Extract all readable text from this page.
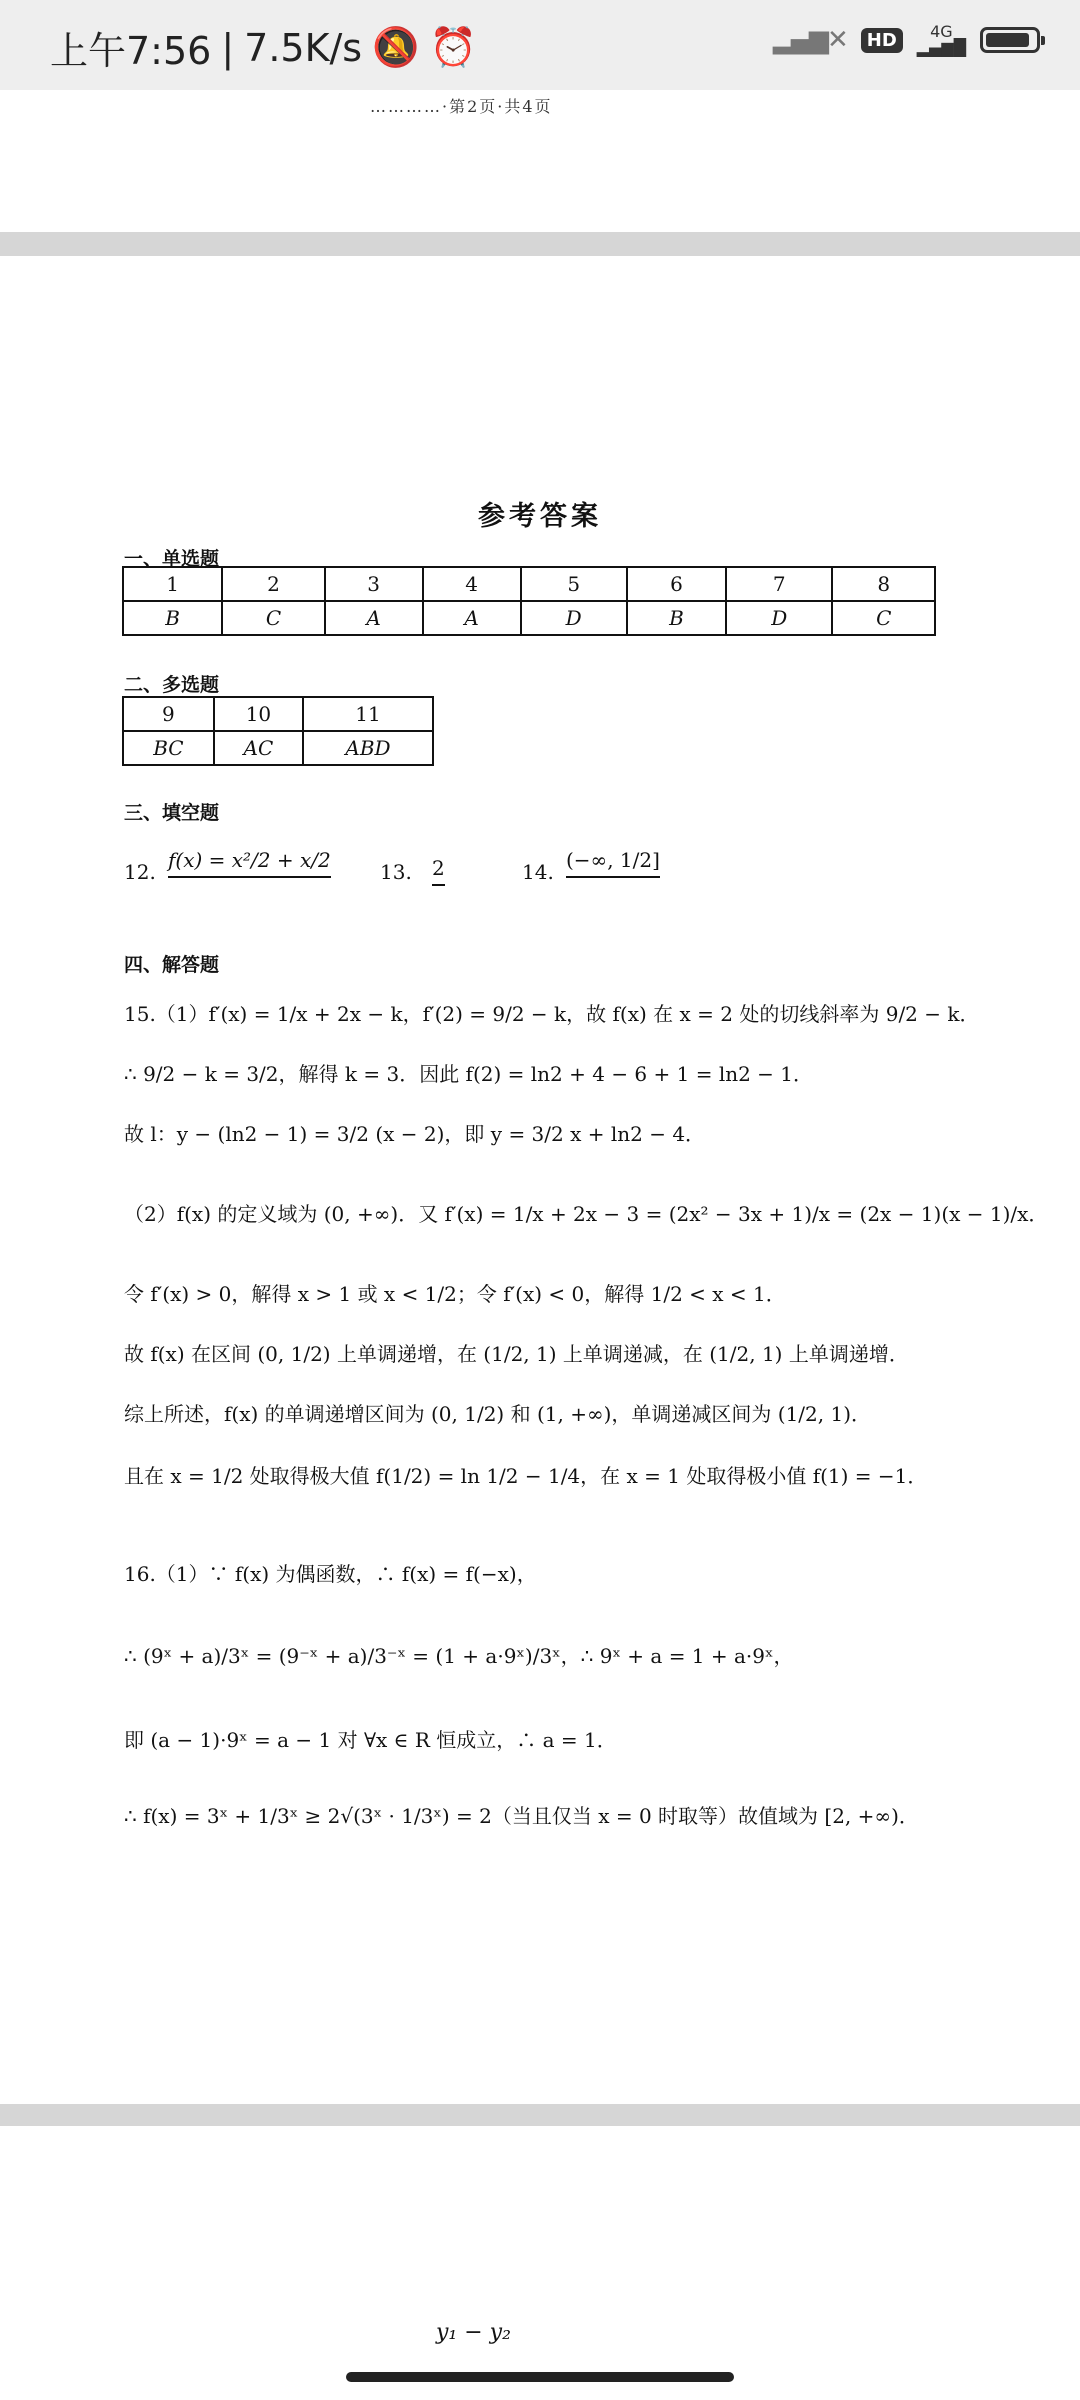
上午7:56 | 7.5K/s 🔕 ⏰	▂▄▆✕	HD	4G
▂▄▆█
…………·第2页·共4页
参考答案
一、单选题
1	2	3	4	5	6	7	8
B	C	A	A	D	B	D	C
二、多选题
9	10	11
BC	AC	ABD
三、填空题
12. f(x) = x²/2 + x/2 13. 2	14. (−∞, 1/2]
四、解答题
15.（1）f′(x) = 1/x + 2x − k，f′(2) = 9/2 − k，故 f(x) 在 x = 2 处的切线斜率为 9/2 − k．
∴ 9/2 − k = 3/2，解得 k = 3．因此 f(2) = ln2 + 4 − 6 + 1 = ln2 − 1．
故 l：y − (ln2 − 1) = 3/2 (x − 2)，即 y = 3/2 x + ln2 − 4．
（2）f(x) 的定义域为 (0, +∞)．又 f′(x) = 1/x + 2x − 3 = (2x² − 3x + 1)/x = (2x − 1)(x − 1)/x．
令 f′(x) > 0，解得 x > 1 或 x < 1/2；令 f′(x) < 0，解得 1/2 < x < 1．
故 f(x) 在区间 (0, 1/2) 上单调递增，在 (1/2, 1) 上单调递减，在 (1/2, 1) 上单调递增．
综上所述，f(x) 的单调递增区间为 (0, 1/2) 和 (1, +∞)，单调递减区间为 (1/2, 1)．
且在 x = 1/2 处取得极大值 f(1/2) = ln 1/2 − 1/4，在 x = 1 处取得极小值 f(1) = −1．
16.（1）∵ f(x) 为偶函数，∴ f(x) = f(−x)，
∴ (9ˣ + a)/3ˣ = (9⁻ˣ + a)/3⁻ˣ = (1 + a·9ˣ)/3ˣ，∴ 9ˣ + a = 1 + a·9ˣ，
即 (a − 1)·9ˣ = a − 1 对 ∀x ∈ R 恒成立，∴ a = 1．
∴ f(x) = 3ˣ + 1/3ˣ ≥ 2√(3ˣ · 1/3ˣ) = 2（当且仅当 x = 0 时取等）故值域为 [2, +∞)．
y₁ − y₂
